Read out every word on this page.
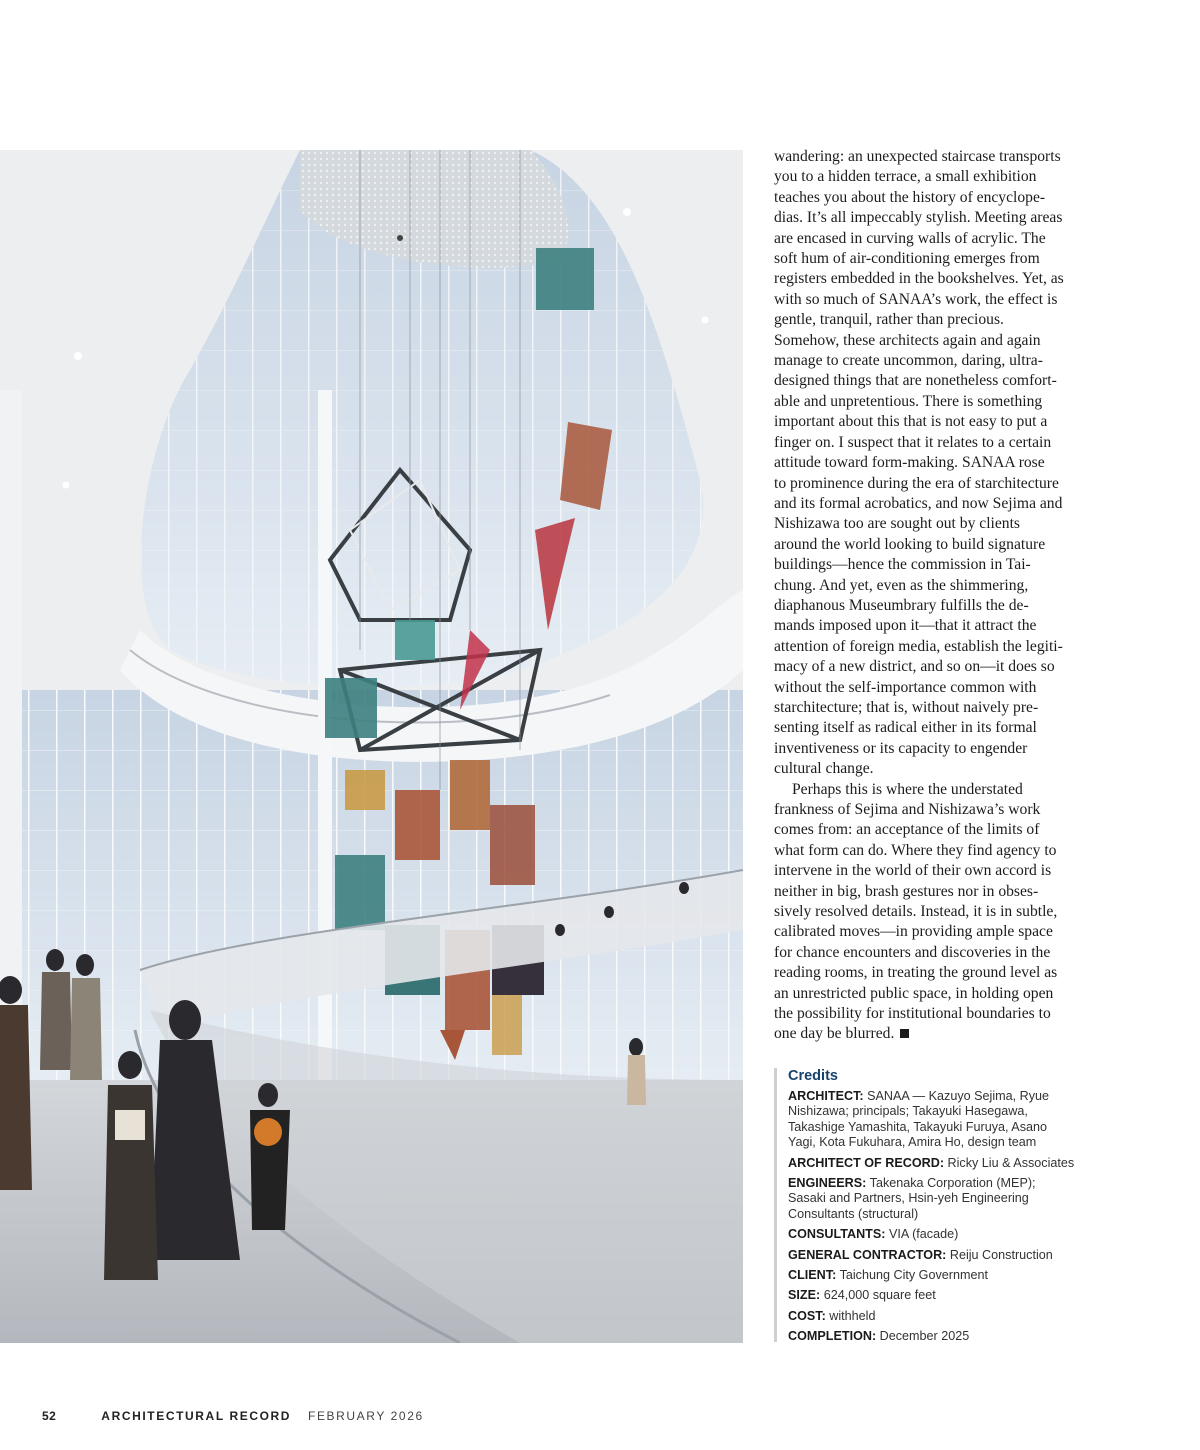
wandering: an unexpected staircase transports
you to a hidden terrace, a small exhibition
teaches you about the history of encyclope-
dias. It’s all impeccably stylish. Meeting areas
are encased in curving walls of acrylic. The
soft hum of air-conditioning emerges from
registers embedded in the bookshelves. Yet, as
with so much of SANAA’s work, the effect is
gentle, tranquil, rather than precious.
Somehow, these architects again and again
manage to create uncommon, daring, ultra-
designed things that are nonetheless comfort-
able and unpretentious. There is something
important about this that is not easy to put a
finger on. I suspect that it relates to a certain
attitude toward form-making. SANAA rose
to prominence during the era of starchitecture
and its formal acrobatics, and now Sejima and
Nishizawa too are sought out by clients
around the world looking to build signature
buildings—hence the commission in Tai-
chung. And yet, even as the shimmering,
diaphanous Museumbrary fulfills the de-
mands imposed upon it—that it attract the
attention of foreign media, establish the legiti-
macy of a new district, and so on—it does so
without the self-importance common with
starchitecture; that is, without naively pre-
senting itself as radical either in its formal
inventiveness or its capacity to engender
cultural change.

Perhaps this is where the understated
frankness of Sejima and Nishizawa’s work
comes from: an acceptance of the limits of
what form can do. Where they find agency to
intervene in the world of their own accord is
neither in big, brash gestures nor in obses-
sively resolved details. Instead, it is in subtle,
calibrated moves—in providing ample space
for chance encounters and discoveries in the
reading rooms, in treating the ground level as
an unrestricted public space, in holding open
the possibility for institutional boundaries to
one day be blurred.

Credits
ARCHITECT: SANAA — Kazuyo Sejima, Ryue
Nishizawa; principals; Takayuki Hasegawa,
Takashige Yamashita, Takayuki Furuya, Asano
Yagi, Kota Fukuhara, Amira Ho, design team
ARCHITECT OF RECORD: Ricky Liu & Associates
ENGINEERS: Takenaka Corporation (MEP);
Sasaki and Partners, Hsin-yeh Engineering
Consultants (structural)
CONSULTANTS: VIA (facade)
GENERAL CONTRACTOR: Reiju Construction
CLIENT: Taichung City Government
SIZE: 624,000 square feet
COST: withheld
COMPLETION: December 2025
52	ARCHITECTURAL RECORD FEBRUARY 2026
